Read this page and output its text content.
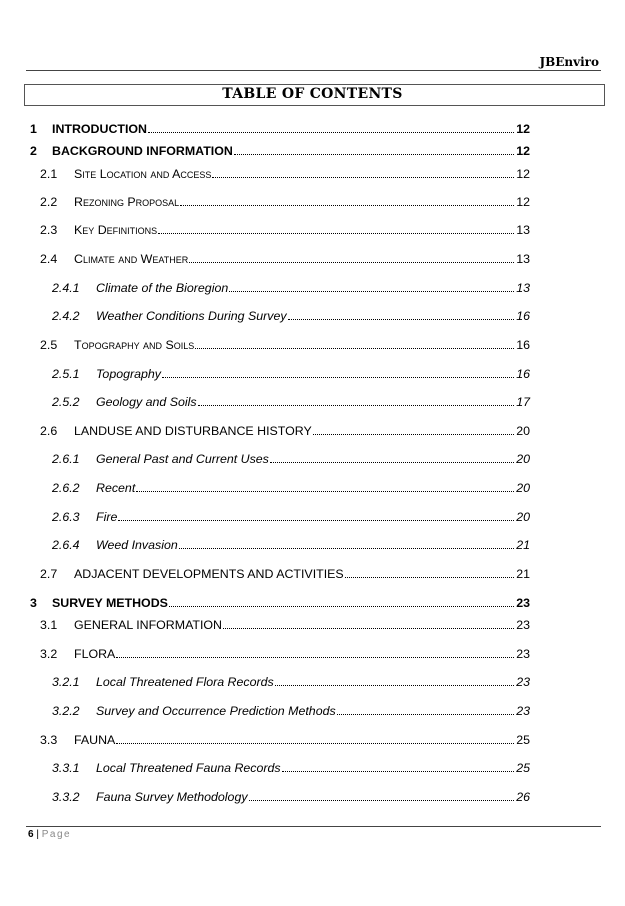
JBEnviro
TABLE OF CONTENTS
1 INTRODUCTION	12
2 BACKGROUND INFORMATION	12
2.1 Site Location and Access	12
2.2 Rezoning Proposal	12
2.3 Key Definitions	13
2.4 Climate and Weather	13
2.4.1 Climate of the Bioregion	13
2.4.2 Weather Conditions During Survey	16
2.5 Topography and Soils	16
2.5.1 Topography	16
2.5.2 Geology and Soils	17
2.6 LANDUSE AND DISTURBANCE HISTORY	20
2.6.1 General Past and Current Uses	20
2.6.2 Recent	20
2.6.3 Fire	20
2.6.4 Weed Invasion	21
2.7 ADJACENT DEVELOPMENTS AND ACTIVITIES	21
3 SURVEY METHODS	23
3.1 GENERAL INFORMATION	23
3.2 FLORA	23
3.2.1 Local Threatened Flora Records	23
3.2.2 Survey and Occurrence Prediction Methods	23
3.3 FAUNA	25
3.3.1 Local Threatened Fauna Records	25
3.3.2 Fauna Survey Methodology	26
6 | Page
